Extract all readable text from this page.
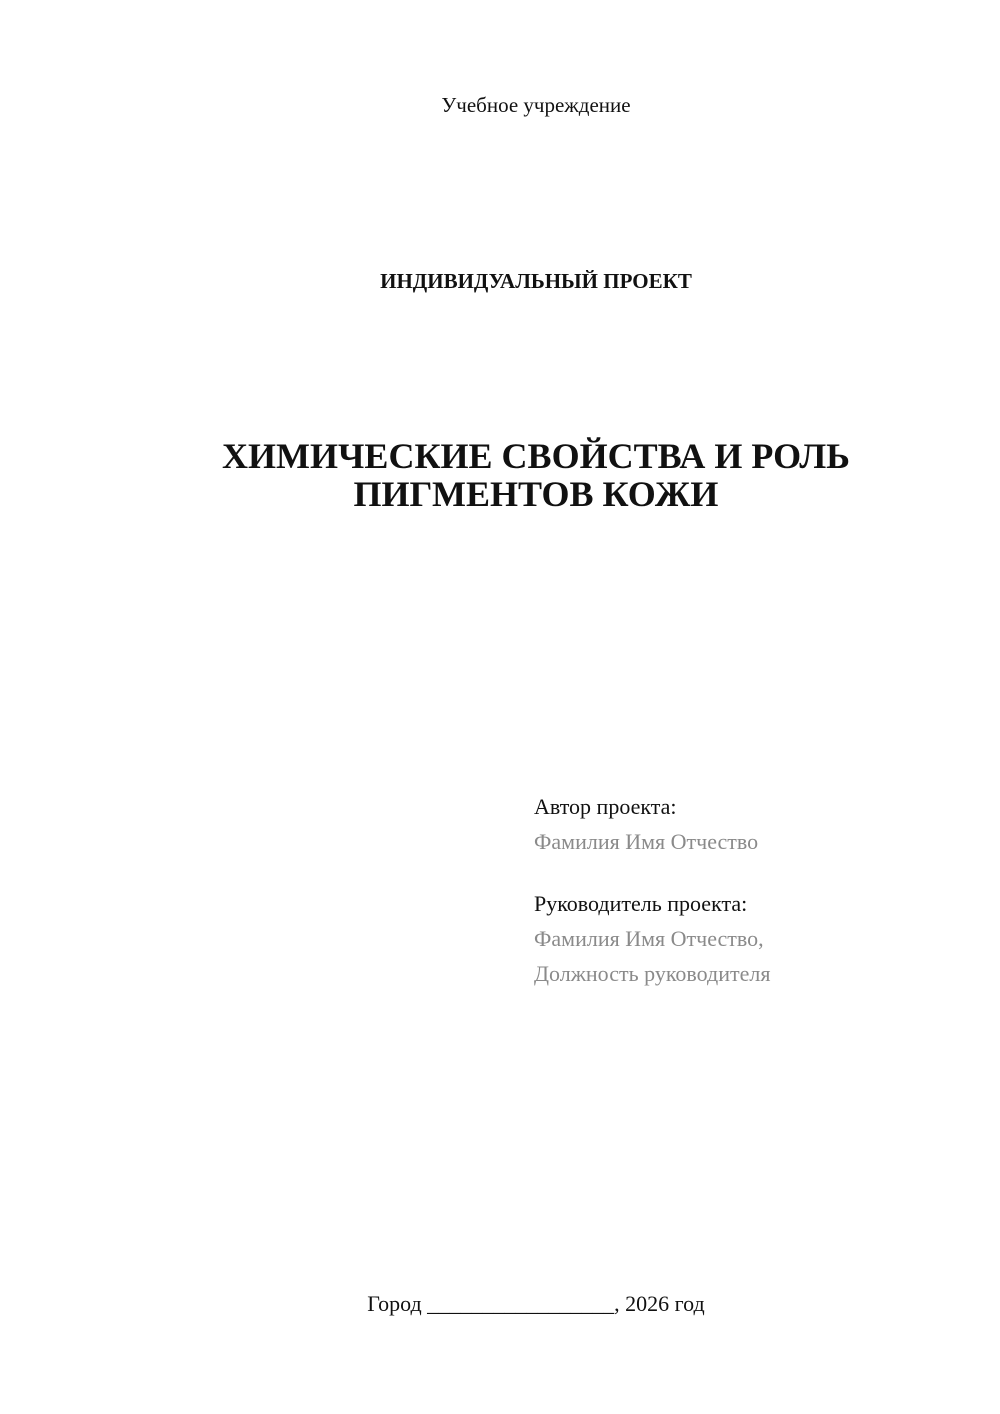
Учебное учреждение
ИНДИВИДУАЛЬНЫЙ ПРОЕКТ
ХИМИЧЕСКИЕ СВОЙСТВА И РОЛЬ
ПИГМЕНТОВ КОЖИ
Автор проекта:
Фамилия Имя Отчество
Руководитель проекта:
Фамилия Имя Отчество,
Должность руководителя
Город _________________, 2026 год
